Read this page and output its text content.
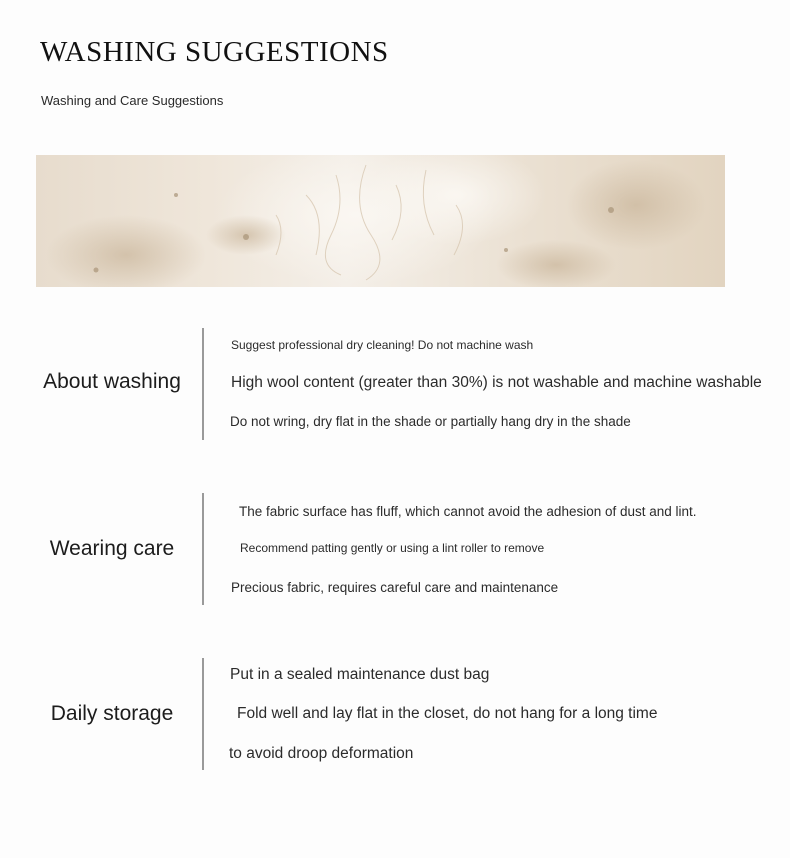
WASHING SUGGESTIONS
Washing and Care Suggestions
About washing
Suggest professional dry cleaning! Do not machine wash
High wool content (greater than 30%) is not washable and machine washable
Do not wring, dry flat in the shade or partially hang dry in the shade
Wearing care
The fabric surface has fluff, which cannot avoid the adhesion of dust and lint.
Recommend patting gently or using a lint roller to remove
Precious fabric, requires careful care and maintenance
Daily storage
Put in a sealed maintenance dust bag
Fold well and lay flat in the closet, do not hang for a long time
to avoid droop deformation
